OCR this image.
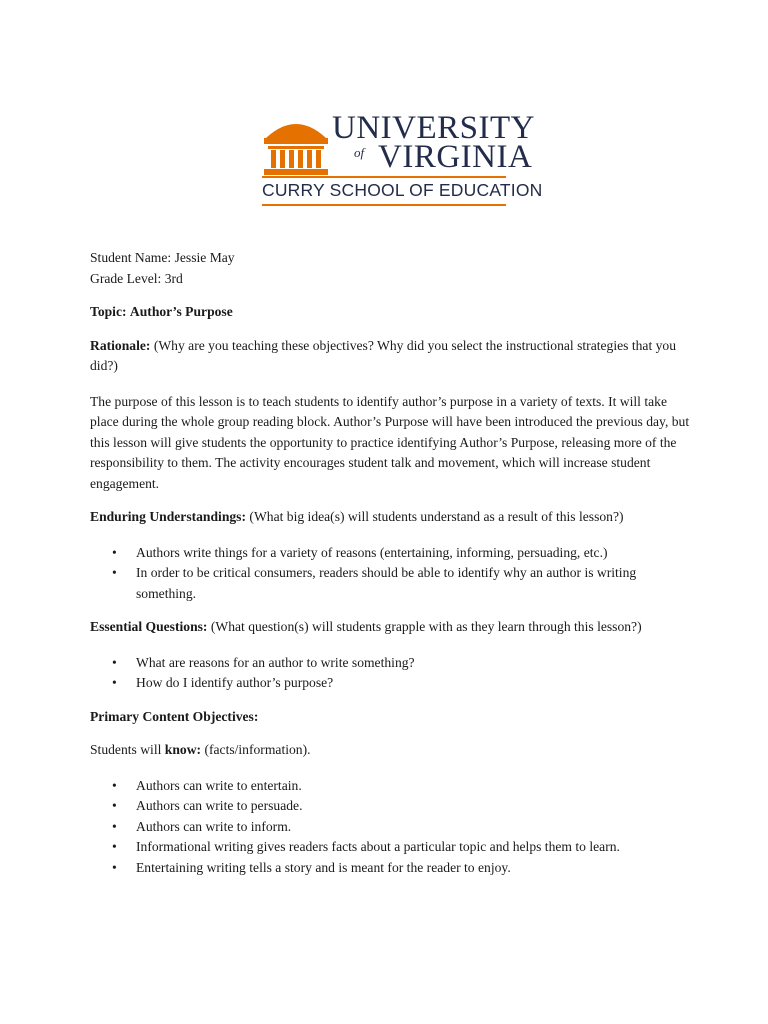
UNIVERSITY
of VIRGINIA
CURRY SCHOOL OF EDUCATION

Student Name: Jessie May

Grade Level: 3rd

Topic: Author’s Purpose

Rationale: (Why are you teaching these objectives? Why did you select the instructional strategies that you did?)

The purpose of this lesson is to teach students to identify author’s purpose in a variety of texts. It will take place during the whole group reading block. Author’s Purpose will have been introduced the previous day, but this lesson will give students the opportunity to practice identifying Author’s Purpose, releasing more of the responsibility to them. The activity encourages student talk and movement, which will increase student engagement.

Enduring Understandings: (What big idea(s) will students understand as a result of this lesson?)

• Authors write things for a variety of reasons (entertaining, informing, persuading, etc.)
• In order to be critical consumers, readers should be able to identify why an author is writing something.

Essential Questions: (What question(s) will students grapple with as they learn through this lesson?)

• What are reasons for an author to write something?
• How do I identify author’s purpose?

Primary Content Objectives:

Students will know: (facts/information).

• Authors can write to entertain.
• Authors can write to persuade.
• Authors can write to inform.
• Informational writing gives readers facts about a particular topic and helps them to learn.
• Entertaining writing tells a story and is meant for the reader to enjoy.
